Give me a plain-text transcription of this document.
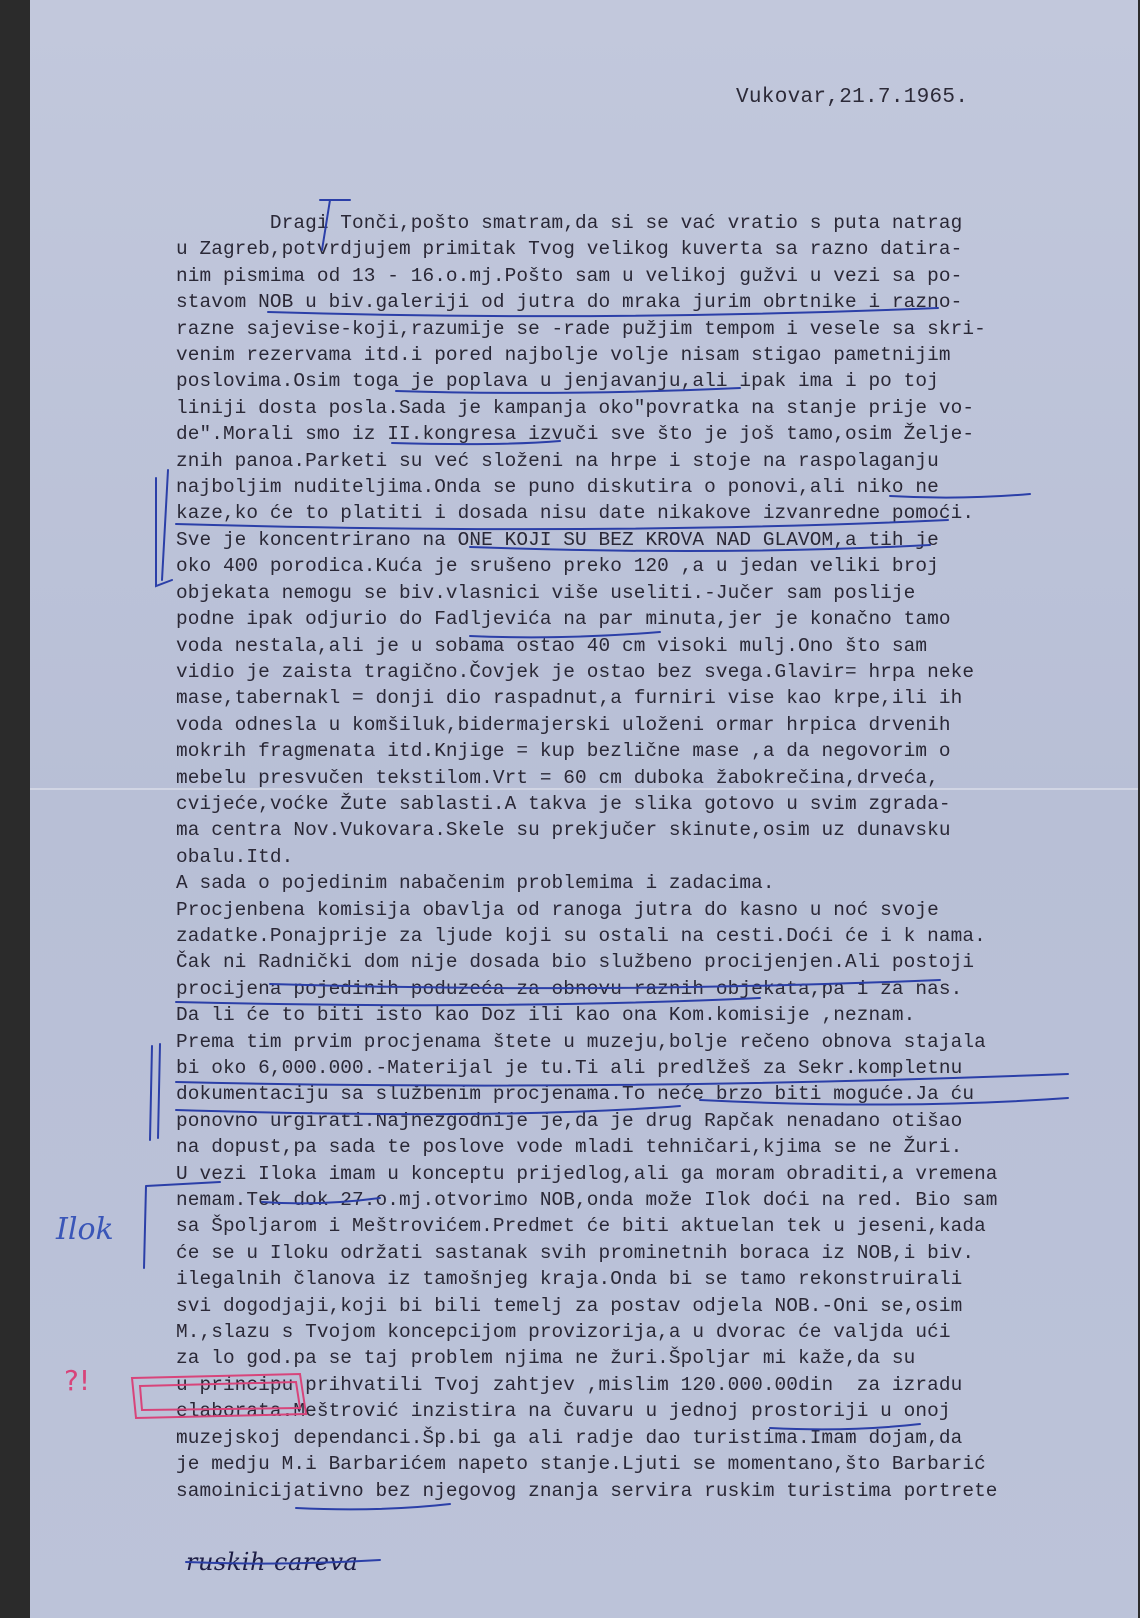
Vukovar,21.7.1965.
Dragi Tonči,pošto smatram,da si se vać vratio s puta natrag
u Zagreb,potvrdjujem primitak Tvog velikog kuverta sa razno datira-
nim pismima od 13 - 16.o.mj.Pošto sam u velikoj gužvi u vezi sa po-
stavom NOB u biv.galeriji od jutra do mraka jurim obrtnike i razno-
razne sajevise-koji,razumije se -rade pužjim tempom i vesele sa skri-
venim rezervama itd.i pored najbolje volje nisam stigao pametnijim
poslovima.Osim toga je poplava u jenjavanju,ali ipak ima i po toj
liniji dosta posla.Sada je kampanja oko"povratka na stanje prije vo-
de".Morali smo iz II.kongresa izvuči sve što je još tamo,osim Želje-
znih panoa.Parketi su već složeni na hrpe i stoje na raspolaganju
najboljim nuditeljima.Onda se puno diskutira o ponovi,ali niko ne
kaze,ko će to platiti i dosada nisu date nikakove izvanredne pomoći.
Sve je koncentrirano na ONE KOJI SU BEZ KROVA NAD GLAVOM,a tih je
oko 400 porodica.Kuća je srušeno preko 120 ,a u jedan veliki broj
objekata nemogu se biv.vlasnici više useliti.-Jučer sam poslije
podne ipak odjurio do Fadljevića na par minuta,jer je konačno tamo
voda nestala,ali je u sobama ostao 40 cm visoki mulj.Ono što sam
vidio je zaista tragično.Čovjek je ostao bez svega.Glavir= hrpa neke
mase,tabernakl = donji dio raspadnut,a furniri vise kao krpe,ili ih
voda odnesla u komšiluk,bidermajerski uloženi ormar hrpica drvenih
mokrih fragmenata itd.Knjige = kup bezlične mase ,a da negovorim o
mebelu presvučen tekstilom.Vrt = 60 cm duboka žabokrečina,drveća,
cvijeće,voćke Žute sablasti.A takva je slika gotovo u svim zgrada-
ma centra Nov.Vukovara.Skele su prekjučer skinute,osim uz dunavsku
obalu.Itd.
A sada o pojedinim nabačenim problemima i zadacima.
Procjenbena komisija obavlja od ranoga jutra do kasno u noć svoje
zadatke.Ponajprije za ljude koji su ostali na cesti.Doći će i k nama.
Čak ni Radnički dom nije dosada bio službeno procijenjen.Ali postoji
procijena pojedinih poduzeća za obnovu raznih objekata,pa i za nas.
Da li će to biti isto kao Doz ili kao ona Kom.komisije ,neznam.
Prema tim prvim procjenama štete u muzeju,bolje rečeno obnova stajala
bi oko 6,000.000.-Materijal je tu.Ti ali predlžeš za Sekr.kompletnu
dokumentaciju sa službenim procjenama.To neće brzo biti moguće.Ja ću
ponovno urgirati.Najnezgodnije je,da je drug Rapčak nenadano otišao
na dopust,pa sada te poslove vode mladi tehničari,kjima se ne Žuri.
U vezi Iloka imam u konceptu prijedlog,ali ga moram obraditi,a vremena
nemam.Tek dok 27.o.mj.otvorimo NOB,onda može Ilok doći na red. Bio sam
sa Špoljarom i Meštrovićem.Predmet će biti aktuelan tek u jeseni,kada
će se u Iloku održati sastanak svih prominetnih boraca iz NOB,i biv.
ilegalnih članova iz tamošnjeg kraja.Onda bi se tamo rekonstruirali
svi dogodjaji,koji bi bili temelj za postav odjela NOB.-Oni se,osim
M.,slazu s Tvojom koncepcijom provizorija,a u dvorac će valjda ući
za lo god.pa se taj problem njima ne žuri.Špoljar mi kaže,da su
u principu prihvatili Tvoj zahtjev ,mislim 120.000.00din  za izradu
elaborata.Meštrović inzistira na čuvaru u jednoj prostoriji u onoj
muzejskoj dependanci.Šp.bi ga ali radje dao turistima.Imam dojam,da
je medju M.i Barbarićem napeto stanje.Ljuti se momentano,što Barbarić
samoinicijativno bez njegovog znanja servira ruskim turistima portrete
ruskih careva
Ilok
?!
